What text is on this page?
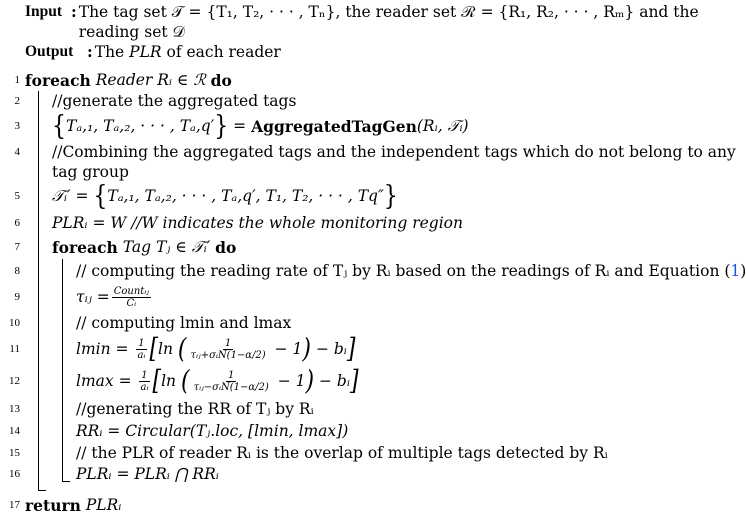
Input : The tag set 𝒯 = {T₁, T₂, · · · , Tₙ}, the reader set ℛ = {R₁, R₂, · · · , Rₘ} and the reading set 𝒟
Output : The PLR of each reader
1 foreach
Reader Rᵢ ∈ ℛ
do
2 //generate the aggregated tags
3 { Tₐ,₁, Tₐ,₂, · · · , Tₐ,q′ } = AggregatedTagGen (Rᵢ, 𝒯ᵢ)
4 //Combining the aggregated tags and the independent tags which do not belong to any
tag group
5 𝒯ᵢ′ =
{ Tₐ,₁, Tₐ,₂, · · · , Tₐ,q′, T₁, T₂, · · · , Tq″ }
6 PLRᵢ = W //W indicates the whole monitoring region
7 foreach
Tag Tⱼ ∈ 𝒯ᵢ′
do
8	// computing the reading rate of Tⱼ by Rᵢ based on the readings of Rᵢ and Equation ( 1 )
9	τᵢⱼ = $\frac{\text{Countᵢⱼ}}{\text{Cᵢ}}$
10	// computing lmin and lmax
11	lmin =
$\frac{1}{\text{aᵢ}}$ [ ln
( $\frac{1}{\text{τᵢⱼ+σᵢN(1−α/2)}}$
− 1 )
− bᵢ ]
12	lmax =
$\frac{1}{\text{aᵢ}}$ [ ln
( $\frac{1}{\text{τᵢⱼ−σᵢN(1−α/2)}}$
− 1 )
− bᵢ ]
13	//generating the RR of Tⱼ by Rᵢ
14	RRᵢ = Circular(Tⱼ.loc, [lmin, lmax])
15	// the PLR of reader Rᵢ is the overlap of multiple tags detected by Rᵢ
16	PLRᵢ = PLRᵢ ⋂ RRᵢ
17 return
PLRᵢ
